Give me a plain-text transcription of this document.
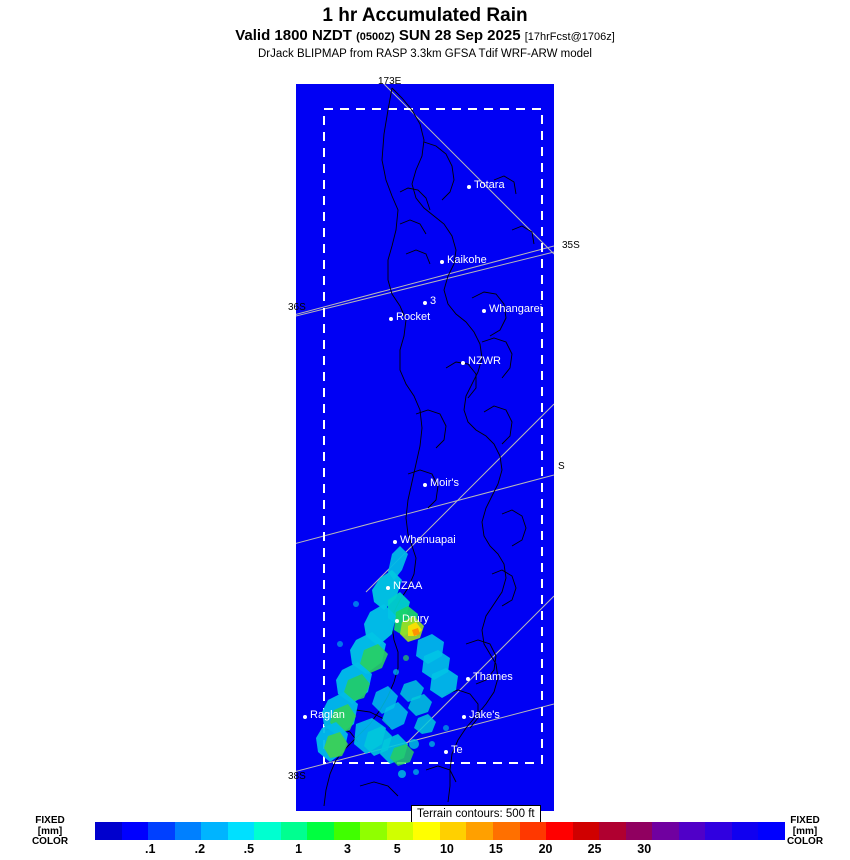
1 hr Accumulated Rain
Valid 1800 NZDT (0500Z) SUN 28 Sep 2025 [17hrFcst@1706z]
DrJack BLIPMAP from RASP 3.3km GFSA Tdif WRF-ARW model
Totara
Kaikohe
3
Whangarei
Rocket
NZWR
Moir's
Whenuapai
NZAA
Drury
Thames
Jake's
Raglan
Te
173E
35S
36S
S
38S
Terrain contours: 500 ft
FIXED
[mm]
COLOR
FIXED
[mm]
COLOR
.1	.2	.5	1	3	5	10	15	20	25	30
